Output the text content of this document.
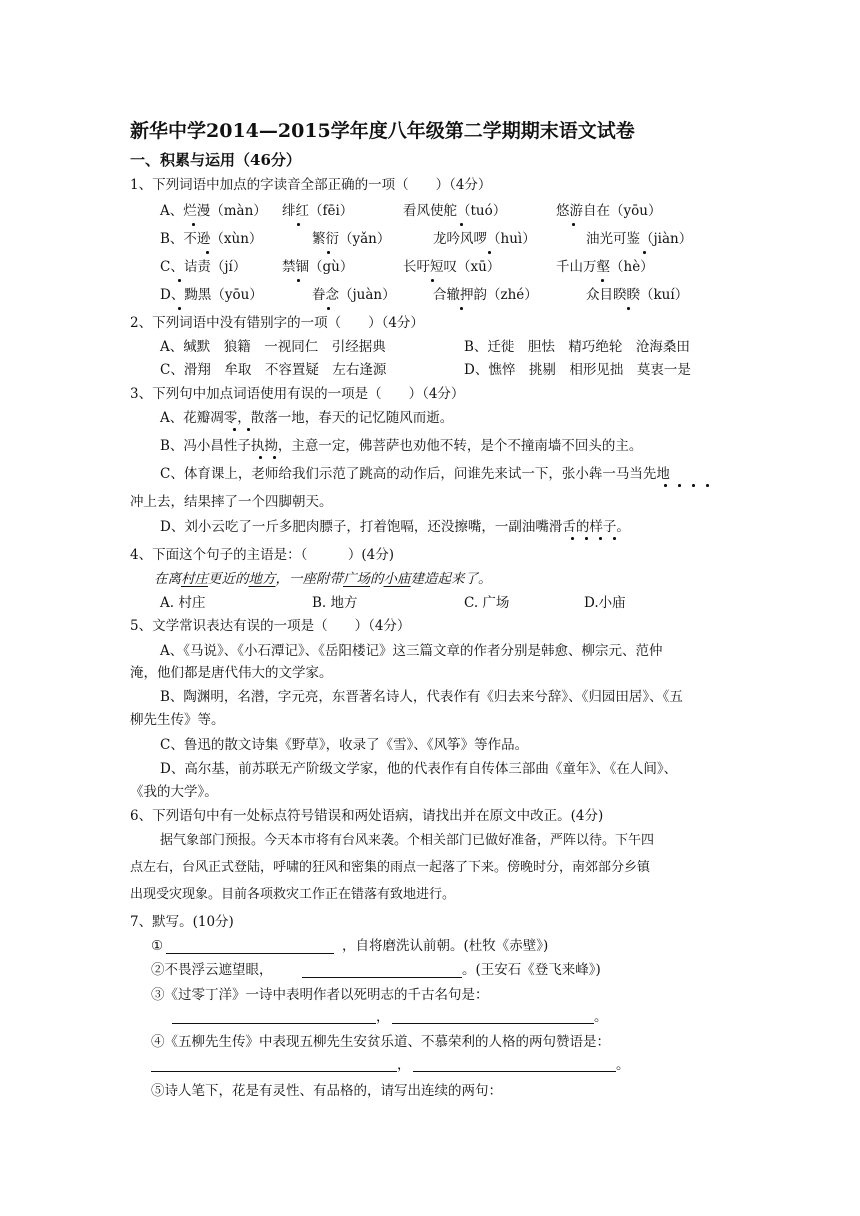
新华中学2014—2015学年度八年级第二学期期末语文试卷
一、积累与运用（46分）
1、下列词语中加点的字读音全部正确的一项（　　）（4分）
A、烂漫（màn） 绯红（fēi）	看风使舵（tuó）	悠游自在（yōu）
B、不逊（xùn）	繁衍（yǎn）	龙吟风啰（huì）	油光可鉴（jiàn）
C、诘责（jí）	禁锢（gù）	长吁短叹（xū）	千山万壑（hè）
D、黝黑（yōu）	眷念（juàn）	合辙押韵（zhé）	众目睽睽（kuí）
2、下列词语中没有错别字的一项（　　）（4分）
A、缄默　狼籍　一视同仁　引经据典	B、迁徙　胆怯　精巧绝轮　沧海桑田
C、滑翔　牟取　不容置疑　左右逢源	D、憔悴　挑剔　相形见拙　莫衷一是
3、下列句中加点词语使用有误的一项是（　　）（4分）
A、花瓣凋零，散落一地，春天的记忆随风而逝。
B、冯小昌性子执拗，主意一定，佛菩萨也劝他不转，是个不撞南墙不回头的主。
C、体育课上，老师给我们示范了跳高的动作后，问谁先来试一下，张小犇一马当先地
冲上去，结果摔了一个四脚朝天。
D、刘小云吃了一斤多肥肉膘子，打着饱嗝，还没擦嘴，一副油嘴滑舌的样子。
4、下面这个句子的主语是：（　　　）(4分)
在离村庄更近的地方，一座附带广场的小庙建造起来了。
A. 村庄	B. 地方	C. 广场	D.小庙
5、文学常识表达有误的一项是（　　）（4分）
A、《马说》、《小石潭记》、《岳阳楼记》这三篇文章的作者分别是韩愈、柳宗元、范仲
淹，他们都是唐代伟大的文学家。
B、陶渊明，名潜，字元亮，东晋著名诗人，代表作有《归去来兮辞》、《归园田居》、《五
柳先生传》等。
C、鲁迅的散文诗集《野草》，收录了《雪》、《风筝》等作品。
D、高尔基，前苏联无产阶级文学家，他的代表作有自传体三部曲《童年》、《在人间》、
《我的大学》。
6、下列语句中有一处标点符号错误和两处语病，请找出并在原文中改正。(4分)
据气象部门预报。今天本市将有台风来袭。个相关部门已做好准备，严阵以待。下午四
点左右，台风正式登陆，呼啸的狂风和密集的雨点一起落了下来。傍晚时分，南郊部分乡镇
出现受灾现象。目前各项救灾工作正在错落有致地进行。
7、默写。(10分)
①	，自将磨洗认前朝。(杜牧《赤壁》)
②不畏浮云遮望眼，	。(王安石《登飞来峰》)
③《过零丁洋》一诗中表明作者以死明志的千古名句是：
，	。
④《五柳先生传》中表现五柳先生安贫乐道、不慕荣利的人格的两句赞语是：
，	。
⑤诗人笔下，花是有灵性、有品格的，请写出连续的两句：
